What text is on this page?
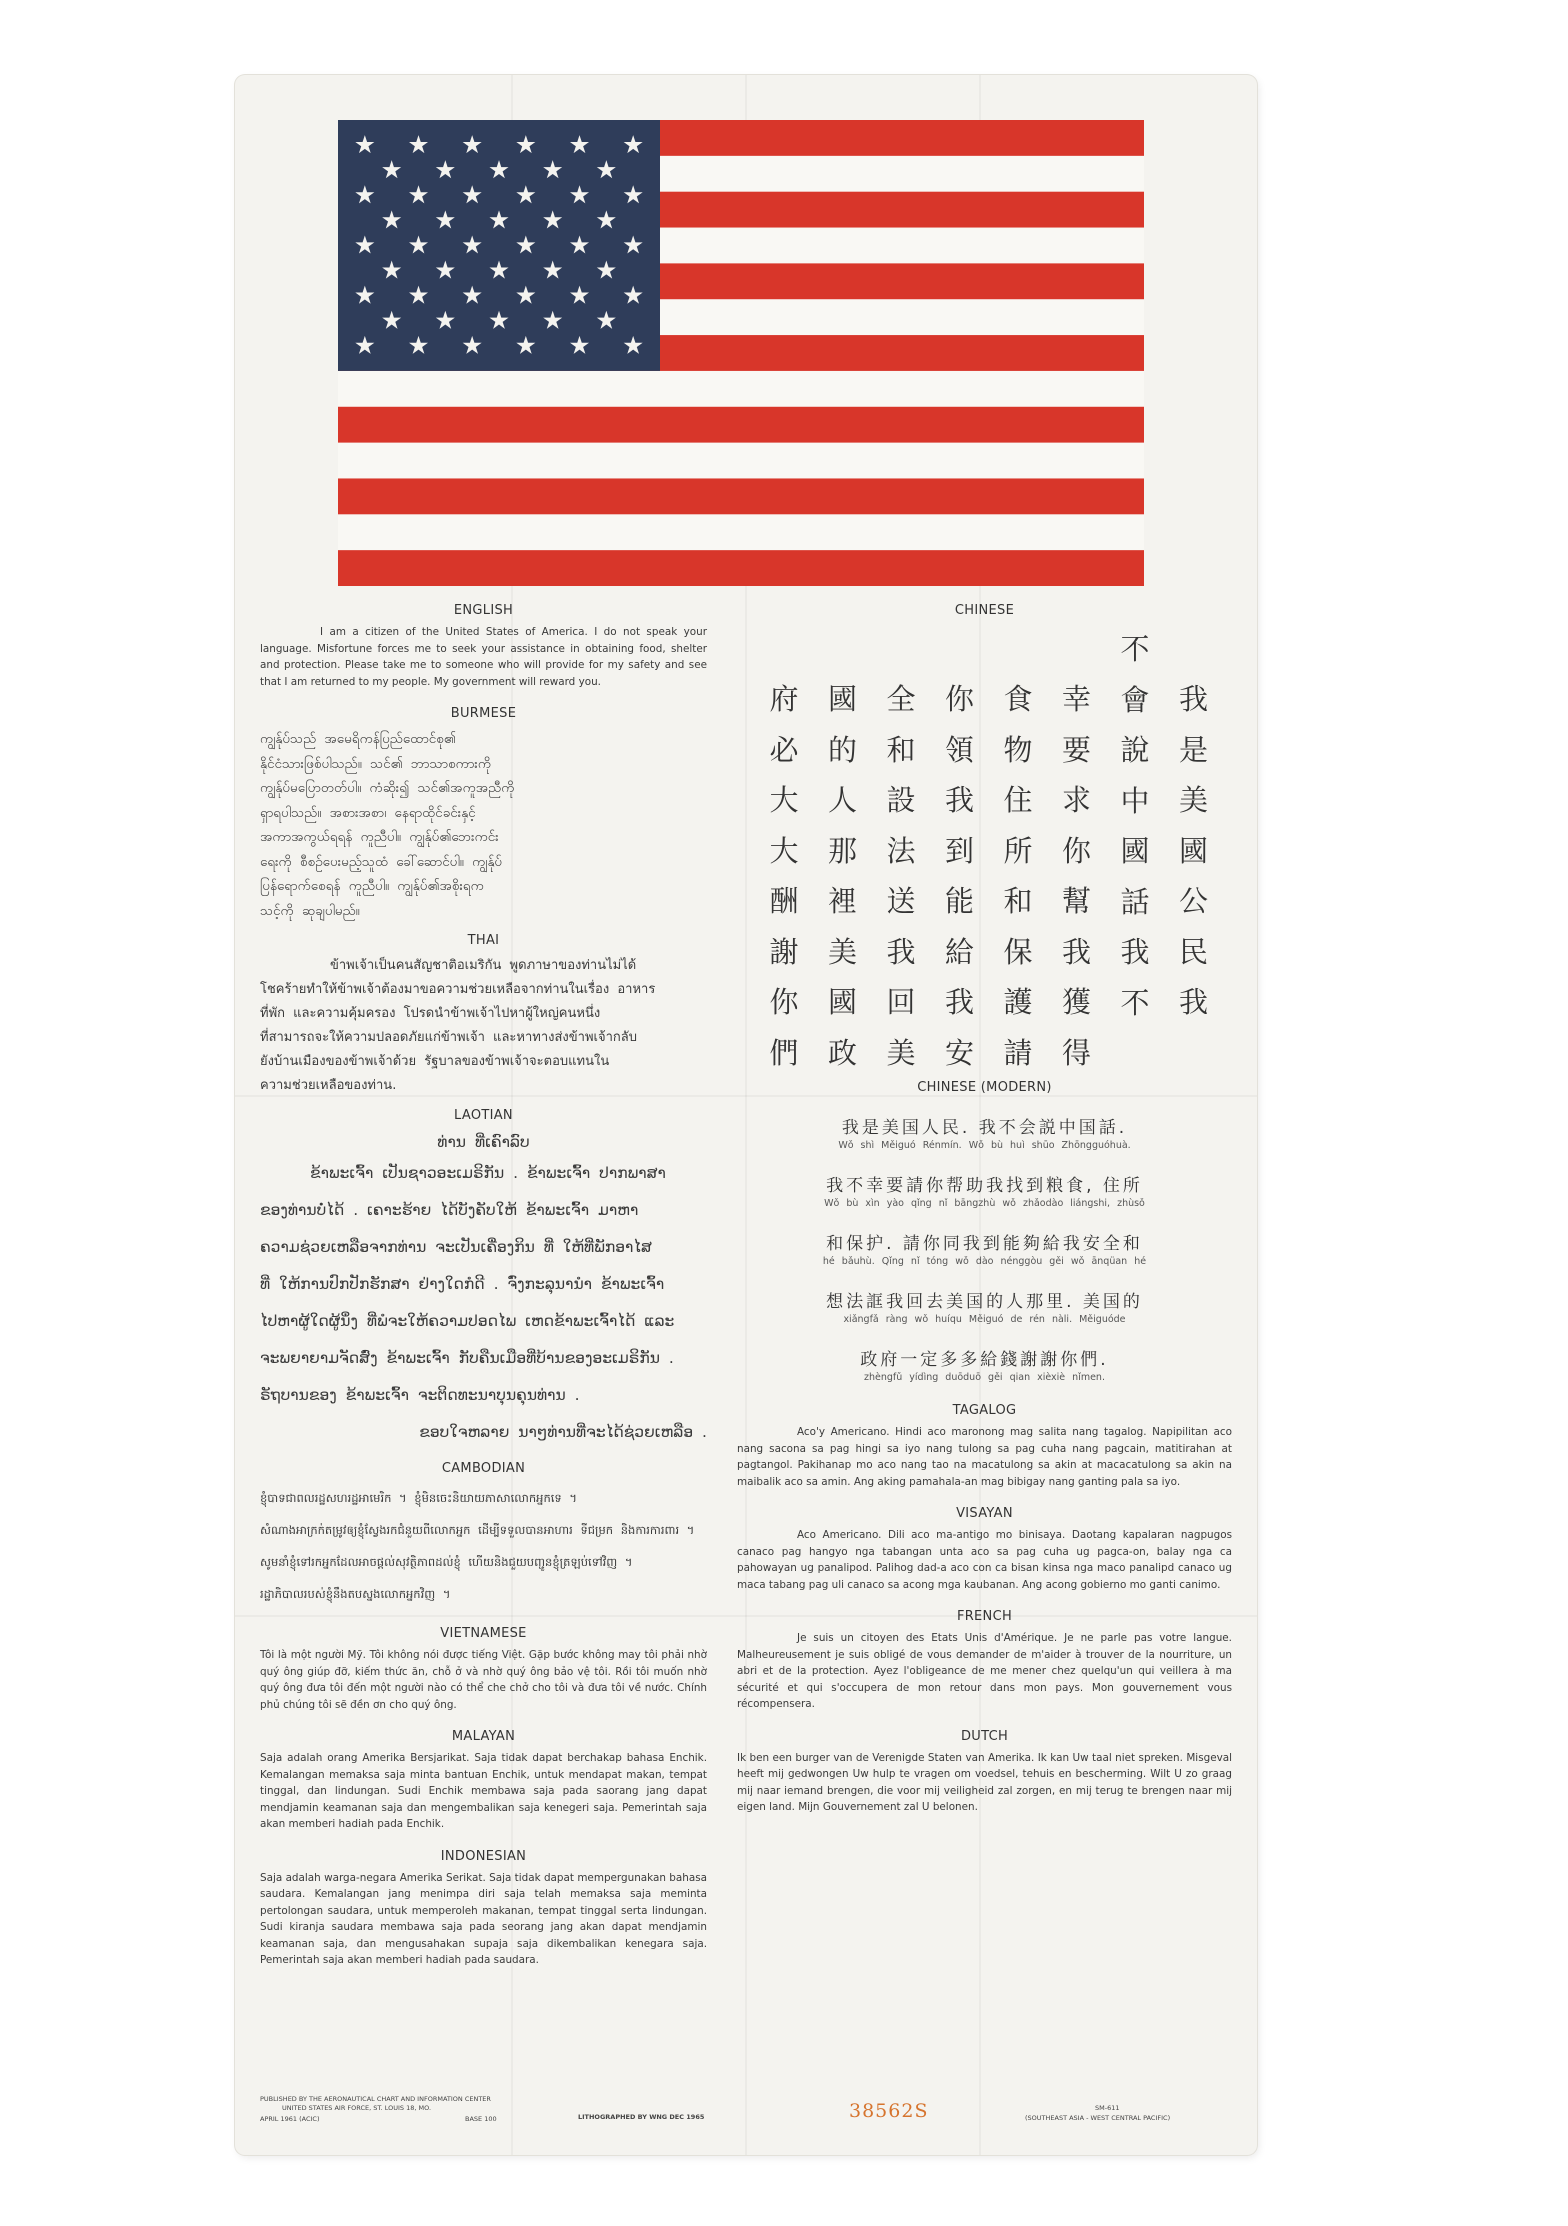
ENGLISH

I am a citizen of the United States of America. I do not speak your language. Misfortune forces me to seek your assistance in obtaining food, shelter and protection. Please take me to someone who will provide for my safety and see that I am returned to my people. My government will reward you.

BURMESE

ကျွန်ုပ်သည် အမေရိကန်ပြည်ထောင်စု၏

နိုင်ငံသားဖြစ်ပါသည်။ သင်၏ ဘာသာစကားကို

ကျွန်ုပ်မပြောတတ်ပါ။ ကံဆိုး၍ သင်၏အကူအညီကို

ရှာရပါသည်။ အစားအစာ၊ နေရာထိုင်ခင်းနှင့်

အကာအကွယ်ရရန် ကူညီပါ။ ကျွန်ုပ်၏ဘေးကင်း

ရေးကို စီစဉ်ပေးမည့်သူထံ ခေါ်ဆောင်ပါ။ ကျွန်ုပ်

ပြန်ရောက်စေရန် ကူညီပါ။ ကျွန်ုပ်၏အစိုးရက

သင့်ကို ဆုချပါမည်။

THAI

ข้าพเจ้าเป็นคนสัญชาติอเมริกัน พูดภาษาของท่านไม่ได้

โชคร้ายทำให้ข้าพเจ้าต้องมาขอความช่วยเหลือจากท่านในเรื่อง อาหาร

ที่พัก และความคุ้มครอง โปรดนำข้าพเจ้าไปหาผู้ใหญ่คนหนึ่ง

ที่สามารถจะให้ความปลอดภัยแก่ข้าพเจ้า และหาทางส่งข้าพเจ้ากลับ

ยังบ้านเมืองของข้าพเจ้าด้วย รัฐบาลของข้าพเจ้าจะตอบแทนใน

ความช่วยเหลือของท่าน.

LAOTIAN

ທ່ານ ທີ່ເຄົາລົບ

ຂ້າພະເຈົ້າ ເປັນຊາວອະເມຣິກັນ . ຂ້າພະເຈົ້າ ປາກພາສາ

ຂອງທ່ານບໍ່ໄດ້ . ເຄາະຮ້າຍ ໄດ້ບັງຄັບໃຫ້ ຂ້າພະເຈົ້າ ມາຫາ

ຄວາມຊ່ວຍເຫລືອຈາກທ່ານ ຈະເປັນເຄື່ອງກິນ ທີ່ ໃຫ້ທີ່ພັກອາໄສ

ທີ່ ໃຫ້ການປົກປັກຮັກສາ ຢ່າງໃດກໍດີ . ຈົ່ງກະລຸນານຳ ຂ້າພະເຈົ້າ

ໄປຫາຜູ້ໃດຜູ້ນຶ່ງ ທີ່ພໍຈະໃຫ້ຄວາມປອດໄພ ເຫດຂ້າພະເຈົ້າໄດ້ ແລະ

ຈະພຍາຍາມຈັດສົ່ງ ຂ້າພະເຈົ້າ ກັບຄືນເມືອທີ່ບ້ານຂອງອະເມຣິກັນ .

ຣັຖບານຂອງ ຂ້າພະເຈົ້າ ຈະຕິດທະນາບຸນຄຸນທ່ານ .

ຂອບໃຈຫລາຍ ນາໆທ່ານທີ່ຈະໄດ້ຊ່ວຍເຫລືອ .

CAMBODIAN

ខ្ញុំបាទជាពលរដ្ឋសហរដ្ឋអាមេរិក ។ ខ្ញុំមិនចេះនិយាយភាសាលោកអ្នកទេ ។

សំណាងអាក្រក់តម្រូវឲ្យខ្ញុំស្វែងរកជំនួយពីលោកអ្នក ដើម្បីទទួលបានអាហារ ទីជម្រក និងការការពារ ។

សូមនាំខ្ញុំទៅរកអ្នកដែលអាចផ្តល់សុវត្ថិភាពដល់ខ្ញុំ ហើយនិងជួយបញ្ជូនខ្ញុំត្រឡប់ទៅវិញ ។

រដ្ឋាភិបាលរបស់ខ្ញុំនឹងតបស្នងលោកអ្នកវិញ ។

VIETNAMESE

Tôi là một người Mỹ. Tôi không nói được tiếng Việt. Gặp bước không may tôi phải nhờ quý ông giúp đỡ, kiếm thức ăn, chỗ ở và nhờ quý ông bảo vệ tôi. Rồi tôi muốn nhờ quý ông đưa tôi đến một người nào có thể che chở cho tôi và đưa tôi về nước. Chính phủ chúng tôi sẽ đền ơn cho quý ông.

MALAYAN

Saja adalah orang Amerika Bersjarikat. Saja tidak dapat berchakap bahasa Enchik. Kemalangan memaksa saja minta bantuan Enchik, untuk mendapat makan, tempat tinggal, dan lindungan. Sudi Enchik membawa saja pada saorang jang dapat mendjamin keamanan saja dan mengembalikan saja kenegeri saja. Pemerintah saja akan memberi hadiah pada Enchik.

INDONESIAN

Saja adalah warga-negara Amerika Serikat. Saja tidak dapat mempergunakan bahasa saudara. Kemalangan jang menimpa diri saja telah memaksa saja meminta pertolongan saudara, untuk memperoleh makanan, tempat tinggal serta lindungan. Sudi kiranja saudara membawa saja pada seorang jang akan dapat mendjamin keamanan saja, dan mengusahakan supaja saja dikembalikan kenegara saja. Pemerintah saja akan memberi hadiah pada saudara.

CHINESE

我
是
美
國
公
民
我
不
會
說
中
國
話
我
不
幸
要
求
你
幫
我
獲
得
食
物
住
所
和
保
護
請
你
領
我
到
能
給
我
安
全
和
設
法
送
我
回
美
國
的
人
那
裡
美
國
政
府
必
大
大
酬
謝
你
們

CHINESE (MODERN)

我是美国人民. 我不会説中国話.

Wǒ shì Měiguó Rénmín. Wǒ bù huì shūo Zhōngguóhuà.

我不幸要請你帮助我找到粮食, 住所

Wǒ bù xìn yào qǐng nǐ bāngzhù wǒ zhǎodào liángshi, zhùsǒ

和保护. 請你同我到能夠給我安全和

hé bǎuhù. Qǐng nǐ tóng wǒ dào nénggòu gěi wǒ ānqüan hé

想法誆我回去美国的人那里. 美国的

xiǎngfǎ ràng wǒ huíqu Měiguó de rén nàli. Měiguóde

政府一定多多給錢謝謝你們.

zhèngfǔ yídìng duōduō gěi qian xièxiè nǐmen.

TAGALOG

Aco'y Americano. Hindi aco maronong mag salita nang tagalog. Napipilitan aco nang sacona sa pag hingi sa iyo nang tulong sa pag cuha nang pagcain, matitirahan at pagtangol. Pakihanap mo aco nang tao na macatulong sa akin at macacatulong sa akin na maibalik aco sa amin. Ang aking pamahala-an mag bibigay nang ganting pala sa iyo.

VISAYAN

Aco Americano. Dili aco ma-antigo mo binisaya. Daotang kapalaran nagpugos canaco pag hangyo nga tabangan unta aco sa pag cuha ug pagca-on, balay nga ca pahowayan ug panalipod. Palihog dad-a aco con ca bisan kinsa nga maco panalipd canaco ug maca tabang pag uli canaco sa acong mga kaubanan. Ang acong gobierno mo ganti canimo.

FRENCH

Je suis un citoyen des Etats Unis d'Amérique. Je ne parle pas votre langue. Malheureusement je suis obligé de vous demander de m'aider à trouver de la nourriture, un abri et de la protection. Ayez l'obligeance de me mener chez quelqu'un qui veillera à ma sécurité et qui s'occupera de mon retour dans mon pays. Mon gouvernement vous récompensera.

DUTCH

Ik ben een burger van de Verenigde Staten van Amerika. Ik kan Uw taal niet spreken. Misgeval heeft mij gedwongen Uw hulp te vragen om voedsel, tehuis en bescherming. Wilt U zo graag mij naar iemand brengen, die voor mij veiligheid zal zorgen, en mij terug te brengen naar mij eigen land. Mijn Gouvernement zal U belonen.

PUBLISHED BY THE AERONAUTICAL CHART AND INFORMATION CENTER
UNITED STATES AIR FORCE, ST. LOUIS 18, MO.
APRIL 1961 (ACIC)	BASE 100	LITHOGRAPHED BY WNG DEC 1965	38562S	SM-611
(SOUTHEAST ASIA - WEST CENTRAL PACIFIC)
